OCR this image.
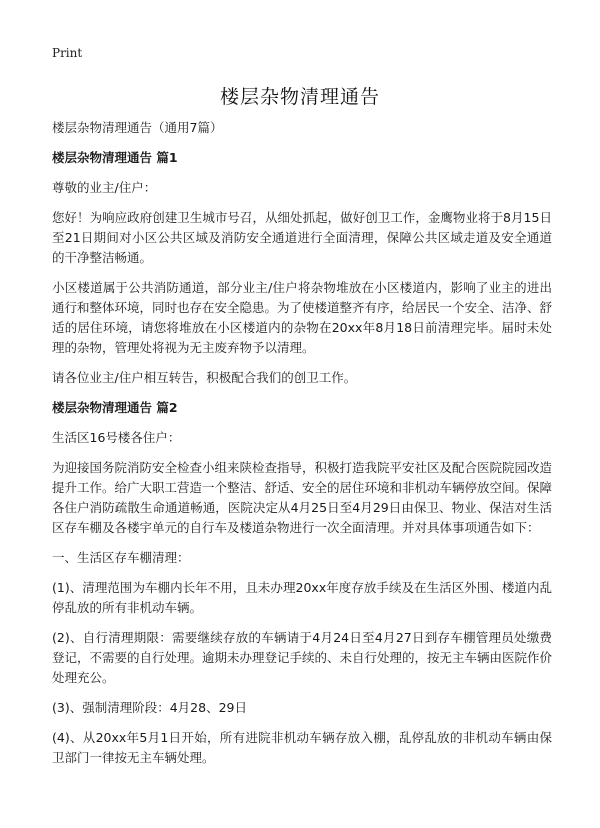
Print
楼层杂物清理通告

楼层杂物清理通告（通用7篇）

楼层杂物清理通告 篇1

尊敬的业主/住户：

您好！为响应政府创建卫生城市号召，从细处抓起，做好创卫工作，金鹰物业将于8月15日至21日期间对小区公共区域及消防安全通道进行全面清理，保障公共区域走道及安全通道的干净整洁畅通。

小区楼道属于公共消防通道，部分业主/住户将杂物堆放在小区楼道内，影响了业主的进出通行和整体环境，同时也存在安全隐患。为了使楼道整齐有序，给居民一个安全、洁净、舒适的居住环境，请您将堆放在小区楼道内的杂物在20xx年8月18日前清理完毕。届时未处理的杂物，管理处将视为无主废弃物予以清理。

请各位业主/住户相互转告，积极配合我们的创卫工作。

楼层杂物清理通告 篇2

生活区16号楼各住户：

为迎接国务院消防安全检查小组来陕检查指导，积极打造我院平安社区及配合医院院园改造提升工作。给广大职工营造一个整洁、舒适、安全的居住环境和非机动车辆停放空间。保障各住户消防疏散生命通道畅通，医院决定从4月25日至4月29日由保卫、物业、保洁对生活区存车棚及各楼宇单元的自行车及楼道杂物进行一次全面清理。并对具体事项通告如下：

一、生活区存车棚清理：

(1)、清理范围为车棚内长年不用，且未办理20xx年度存放手续及在生活区外围、楼道内乱停乱放的所有非机动车辆。

(2)、自行清理期限：需要继续存放的车辆请于4月24日至4月27日到存车棚管理员处缴费登记，不需要的自行处理。逾期未办理登记手续的、未自行处理的，按无主车辆由医院作价处理充公。

(3)、强制清理阶段：4月28、29日

(4)、从20xx年5月1日开始，所有进院非机动车辆存放入棚，乱停乱放的非机动车辆由保卫部门一律按无主车辆处理。
